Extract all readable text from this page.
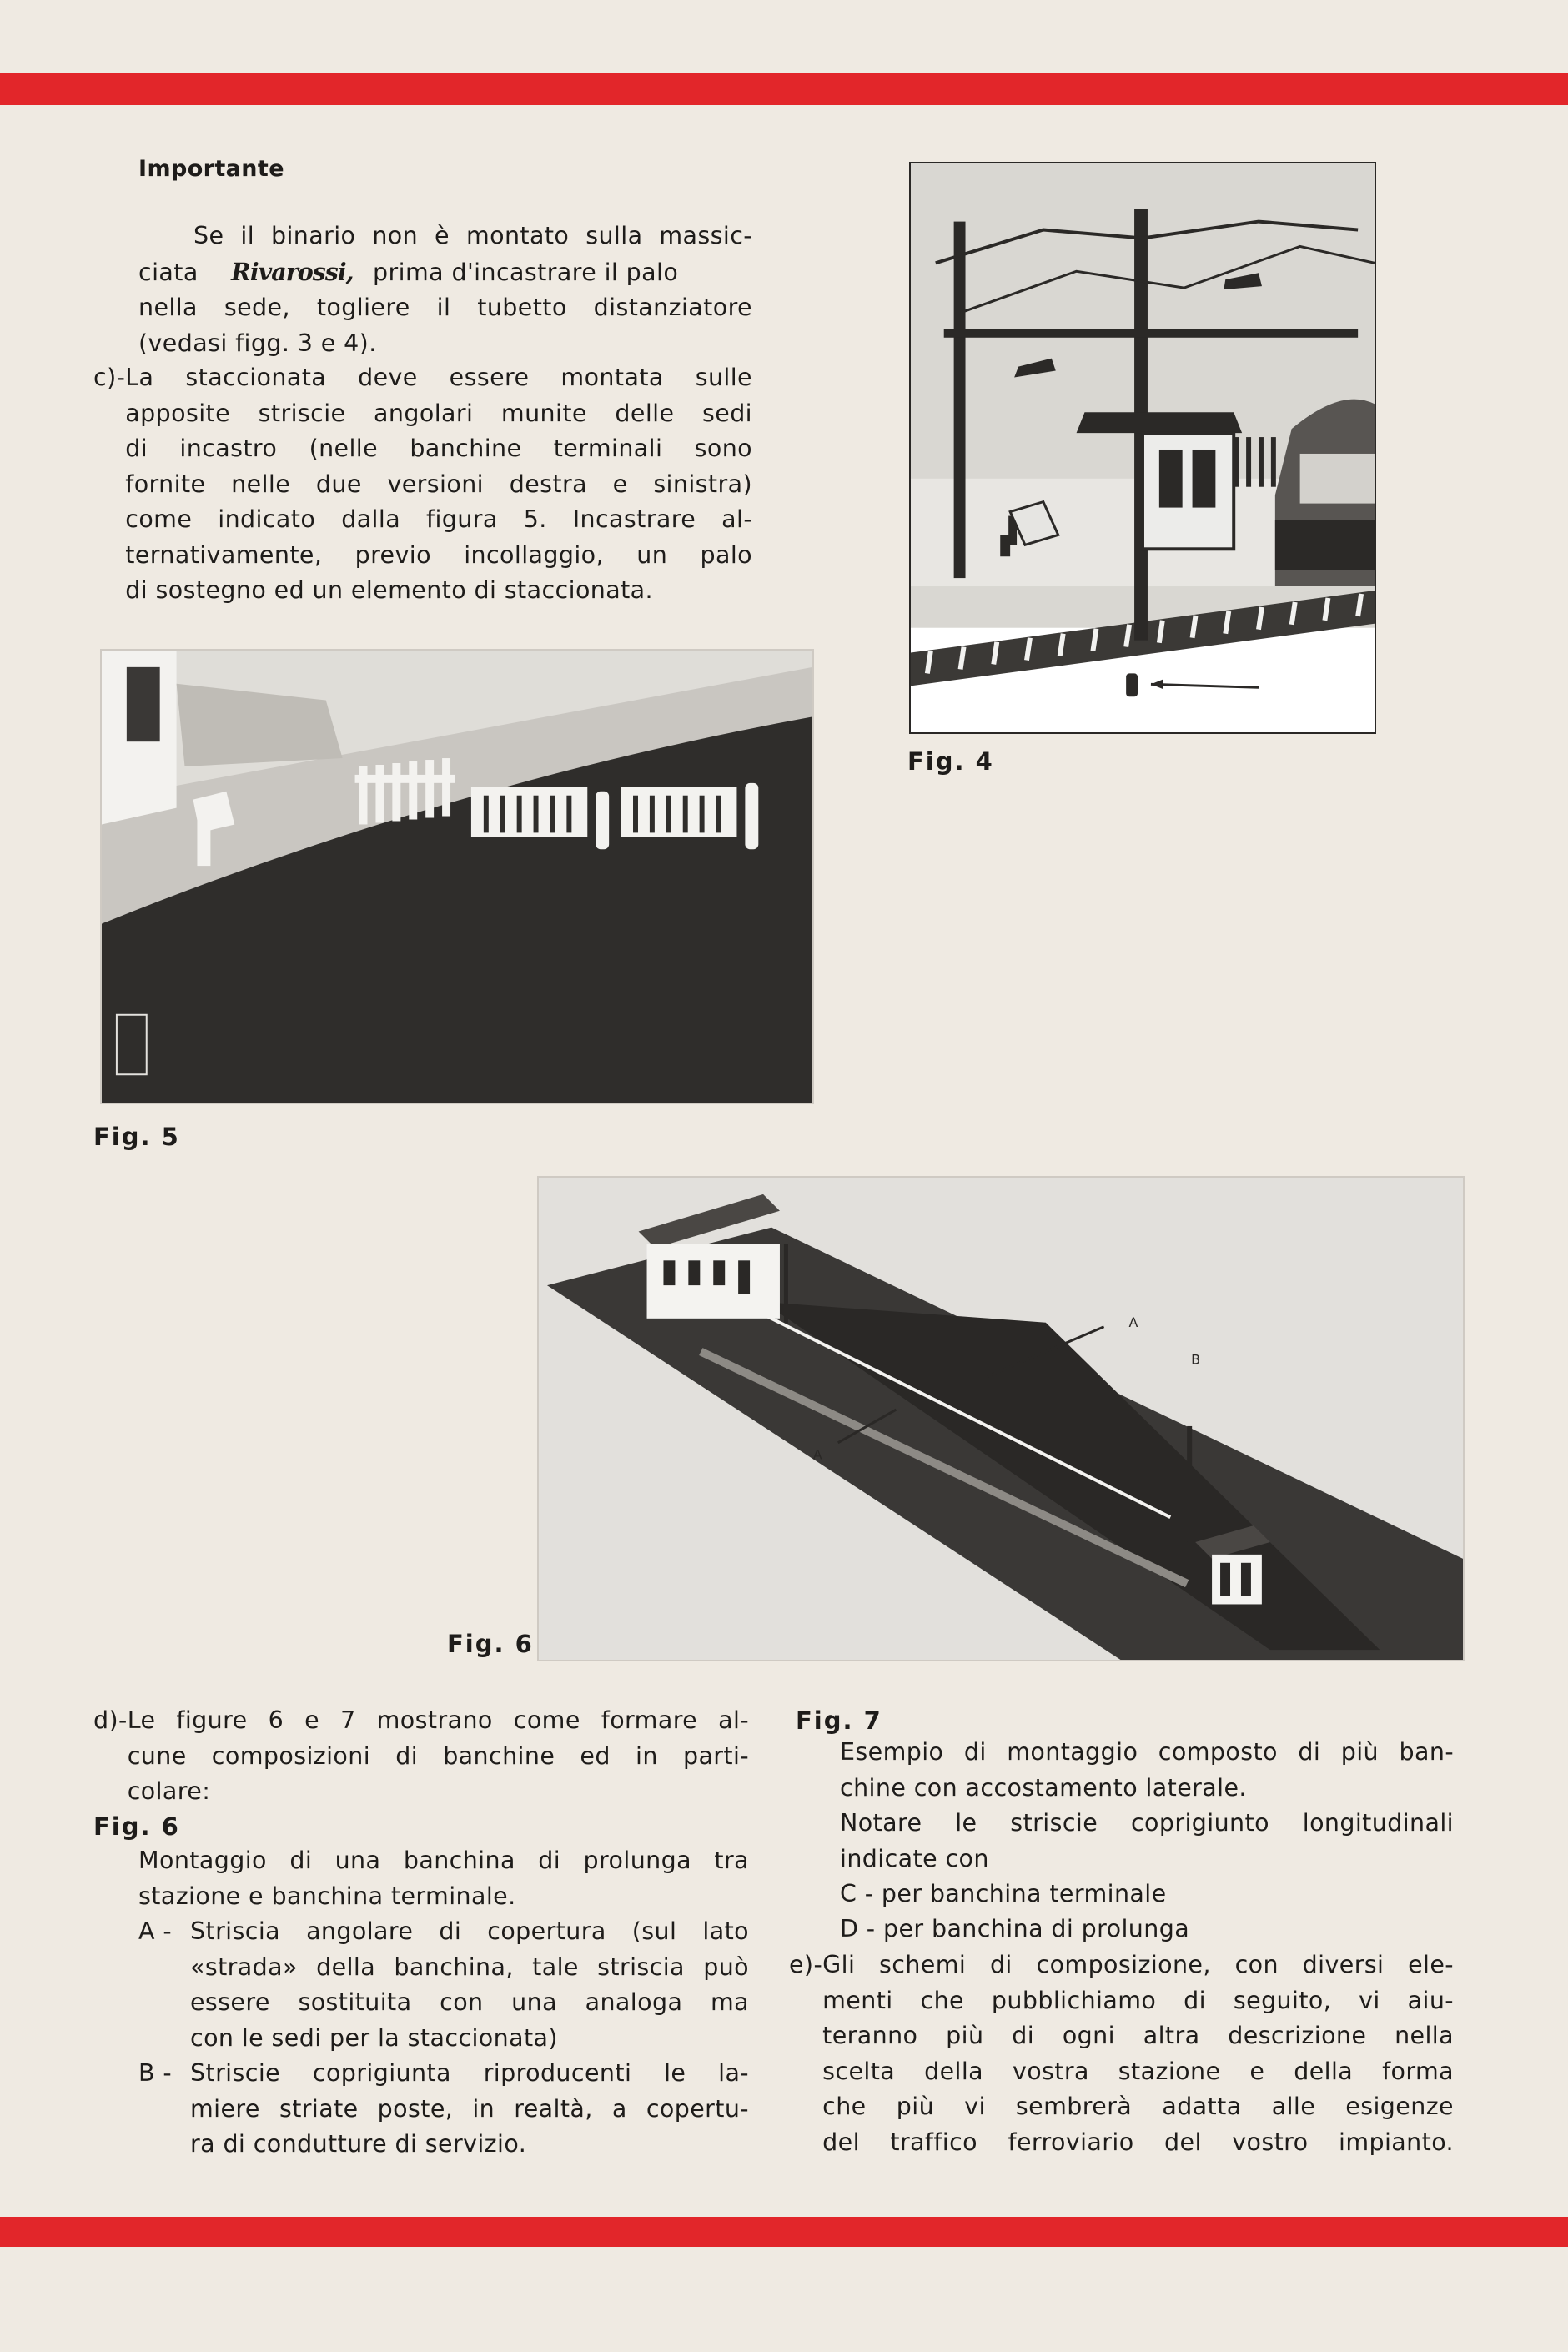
Importante

Se il binario non è montato sulla massic-

ciata Rivarossi, prima d'incastrare il palo

nella sede, togliere il tubetto distanziatore

(vedasi figg. 3 e 4).

c)- La staccionata deve essere montata sulle

apposite striscie angolari munite delle sedi

di incastro (nelle banchine terminali sono

fornite nelle due versioni destra e sinistra)

come indicato dalla figura 5. Incastrare al-

ternativamente, previo incollaggio, un palo

di sostegno ed un elemento di staccionata.

Fig. 4
Fig. 5
A
A
B
Fig. 6
d)- Le figure 6 e 7 mostrano come formare al-

cune composizioni di banchine ed in parti-

colare:

Fig. 6

Montaggio di una banchina di prolunga tra

stazione e banchina terminale.

A - Striscia angolare di copertura (sul lato

«strada» della banchina, tale striscia può

essere sostituita con una analoga ma

con le sedi per la staccionata)

B - Striscie coprigiunta riproducenti le la-

miere striate poste, in realtà, a copertu-

ra di condutture di servizio.

Fig. 7

Esempio di montaggio composto di più ban-

chine con accostamento laterale.

Notare le striscie coprigiunto longitudinali

indicate con

C - per banchina terminale
D - per banchina di prolunga
e)- Gli schemi di composizione, con diversi ele-

menti che pubblichiamo di seguito, vi aiu-

teranno più di ogni altra descrizione nella

scelta della vostra stazione e della forma

che più vi sembrerà adatta alle esigenze

del traffico ferroviario del vostro impianto.
